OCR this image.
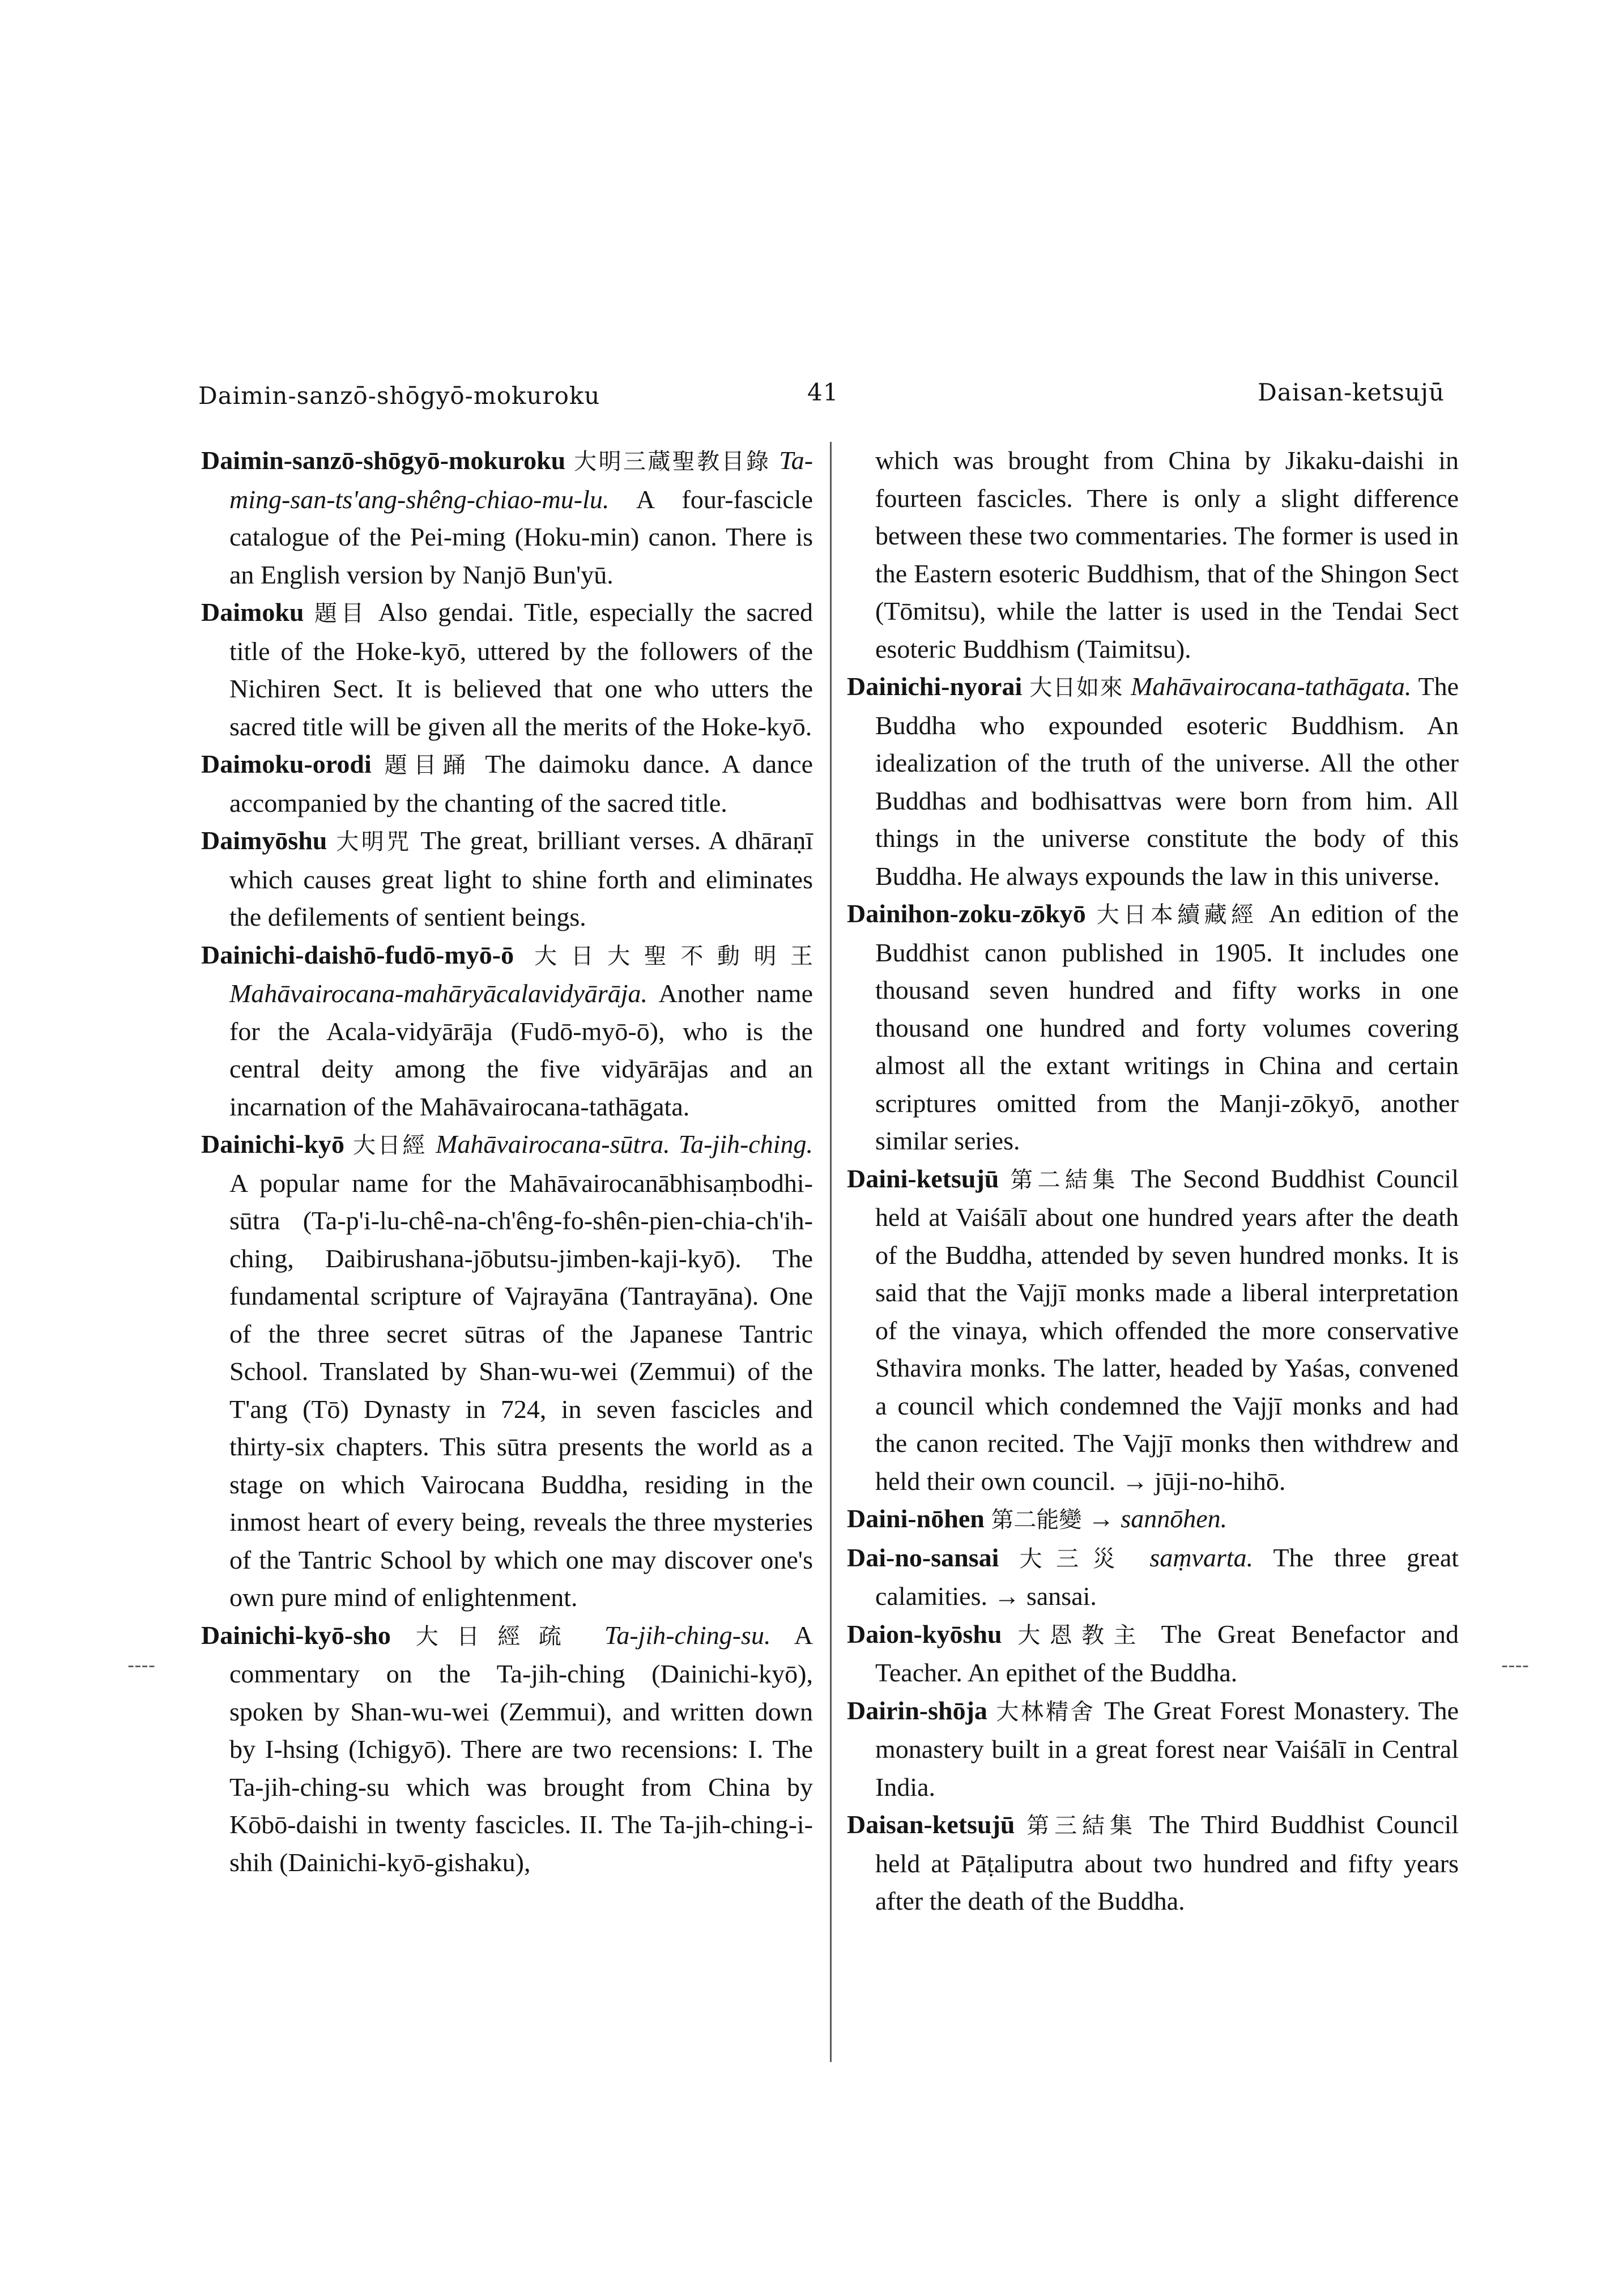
Daimin-sanzō-shōgyō-mokuroku	41	Daisan-ketsujū

Daimin-sanzō-shōgyō-mokuroku 大明三蔵聖教目錄 Ta-ming-san-ts'ang-shêng-chiao-mu-lu. A four-fascicle catalogue of the Pei-ming (Hoku-min) canon. There is an English version by Nanjō Bun'yū.

Daimoku 題目 Also gendai. Title, especially the sacred title of the Hoke-kyō, uttered by the followers of the Nichiren Sect. It is believed that one who utters the sacred title will be given all the merits of the Hoke-kyō.

Daimoku-orodi 題目踊 The daimoku dance. A dance accompanied by the chanting of the sacred title.

Daimyōshu 大明咒 The great, brilliant verses. A dhāraṇī which causes great light to shine forth and eliminates the defilements of sentient beings.

Dainichi-daishō-fudō-myō-ō 大日大聖不動明王 Mahāvairocana-mahāryācalavidyārāja. Another name for the Acala-vidyārāja (Fudō-myō-ō), who is the central deity among the five vidyārājas and an incarnation of the Mahāvairocana-tathāgata.

Dainichi-kyō 大日經 Mahāvairocana-sūtra. Ta-jih-ching. A popular name for the Mahāvairocanābhisaṃbodhi-sūtra (Ta-p'i-lu-chê-na-ch'êng-fo-shên-pien-chia-ch'ih-ching, Daibirushana-jōbutsu-jimben-kaji-kyō). The fundamental scripture of Vajrayāna (Tantrayāna). One of the three secret sūtras of the Japanese Tantric School. Translated by Shan-wu-wei (Zemmui) of the T'ang (Tō) Dynasty in 724, in seven fascicles and thirty-six chapters. This sūtra presents the world as a stage on which Vairocana Buddha, residing in the inmost heart of every being, reveals the three mysteries of the Tantric School by which one may discover one's own pure mind of enlightenment.

Dainichi-kyō-sho 大日經疏 Ta-jih-ching-su. A commentary on the Ta-jih-ching (Dainichi-kyō), spoken by Shan-wu-wei (Zemmui), and written down by I-hsing (Ichigyō). There are two recensions: I. The Ta-jih-ching-su which was brought from China by Kōbō-daishi in twenty fascicles. II. The Ta-jih-ching-i-shih (Dainichi-kyō-gishaku),

which was brought from China by Jikaku-daishi in fourteen fascicles. There is only a slight difference between these two commentaries. The former is used in the Eastern esoteric Buddhism, that of the Shingon Sect (Tōmitsu), while the latter is used in the Tendai Sect esoteric Buddhism (Taimitsu).

Dainichi-nyorai 大日如來 Mahāvairocana-tathāgata. The Buddha who expounded esoteric Buddhism. An idealization of the truth of the universe. All the other Buddhas and bodhisattvas were born from him. All things in the universe constitute the body of this Buddha. He always expounds the law in this universe.

Dainihon-zoku-zōkyō 大日本續藏經 An edition of the Buddhist canon published in 1905. It includes one thousand seven hundred and fifty works in one thousand one hundred and forty volumes covering almost all the extant writings in China and certain scriptures omitted from the Manji-zōkyō, another similar series.

Daini-ketsujū 第二結集 The Second Buddhist Council held at Vaiśālī about one hundred years after the death of the Buddha, attended by seven hundred monks. It is said that the Vajjī monks made a liberal interpretation of the vinaya, which offended the more conservative Sthavira monks. The latter, headed by Yaśas, convened a council which condemned the Vajjī monks and had the canon recited. The Vajjī monks then withdrew and held their own council. → jūji-no-hihō.

Daini-nōhen 第二能變 → sannōhen.

Dai-no-sansai 大三災 saṃvarta. The three great calamities. → sansai.

Daion-kyōshu 大恩教主 The Great Benefactor and Teacher. An epithet of the Buddha.

Dairin-shōja 大林精舍 The Great Forest Monastery. The monastery built in a great forest near Vaiśālī in Central India.

Daisan-ketsujū 第三結集 The Third Buddhist Council held at Pāṭaliputra about two hundred and fifty years after the death of the Buddha.

‐‐‐‐	‐‐‐‐
